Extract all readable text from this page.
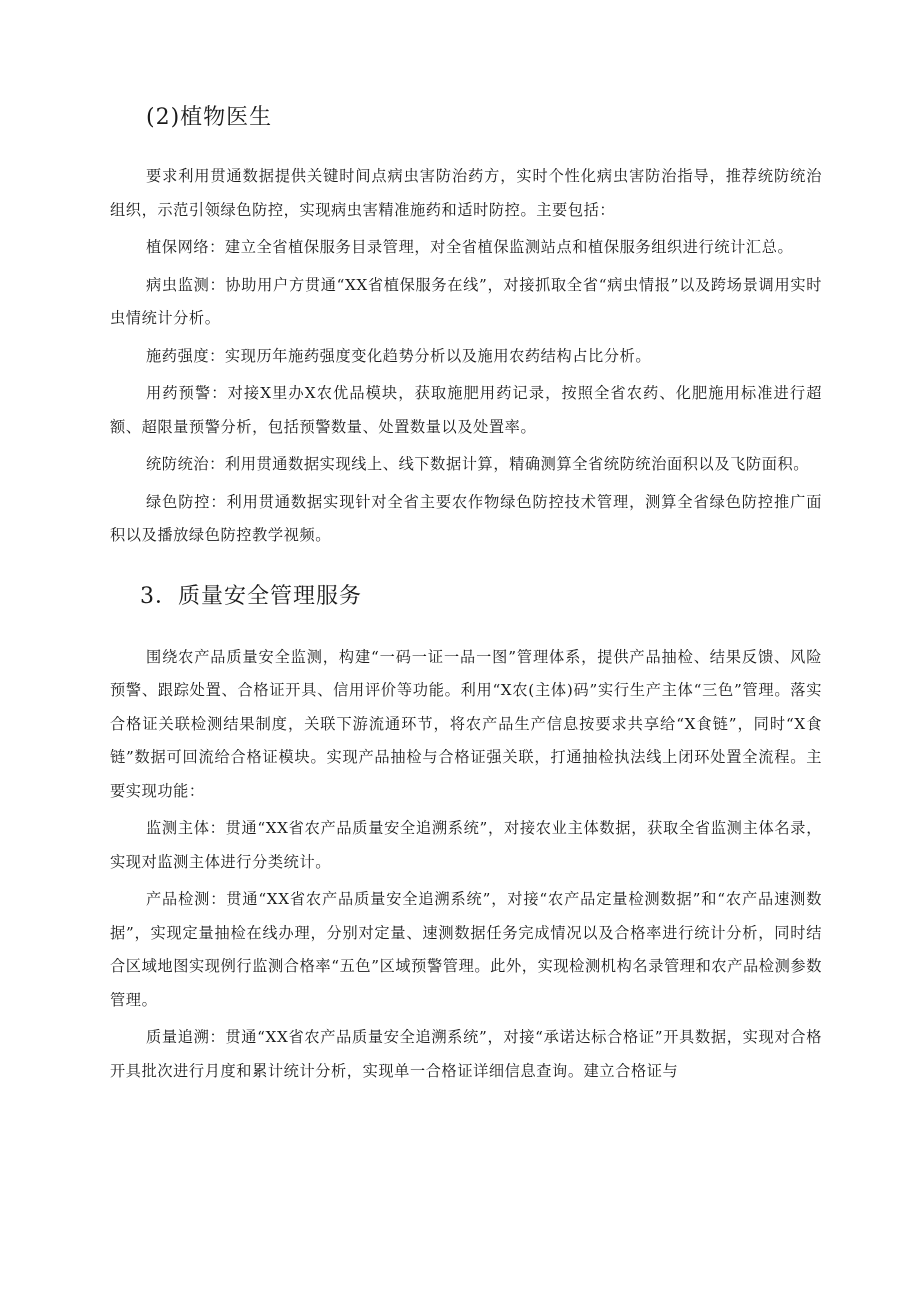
(2)植物医生

要求利用贯通数据提供关键时间点病虫害防治药方，实时个性化病虫害防治指导，推荐统防统治组织，示范引领绿色防控，实现病虫害精准施药和适时防控。主要包括：

植保网络：建立全省植保服务目录管理，对全省植保监测站点和植保服务组织进行统计汇总。

病虫监测：协助用户方贯通“XX省植保服务在线”，对接抓取全省“病虫情报”以及跨场景调用实时虫情统计分析。

施药强度：实现历年施药强度变化趋势分析以及施用农药结构占比分析。

用药预警：对接X里办X农优品模块，获取施肥用药记录，按照全省农药、化肥施用标准进行超额、超限量预警分析，包括预警数量、处置数量以及处置率。

统防统治：利用贯通数据实现线上、线下数据计算，精确测算全省统防统治面积以及飞防面积。

绿色防控：利用贯通数据实现针对全省主要农作物绿色防控技术管理，测算全省绿色防控推广面积以及播放绿色防控教学视频。

3．质量安全管理服务

围绕农产品质量安全监测，构建“一码一证一品一图”管理体系，提供产品抽检、结果反馈、风险预警、跟踪处置、合格证开具、信用评价等功能。利用“X农(主体)码”实行生产主体“三色”管理。落实合格证关联检测结果制度，关联下游流通环节，将农产品生产信息按要求共享给“X食链”，同时“X食链”数据可回流给合格证模块。实现产品抽检与合格证强关联，打通抽检执法线上闭环处置全流程。主要实现功能：

监测主体：贯通“XX省农产品质量安全追溯系统”，对接农业主体数据，获取全省监测主体名录，实现对监测主体进行分类统计。

产品检测：贯通“XX省农产品质量安全追溯系统”，对接“农产品定量检测数据”和“农产品速测数据”，实现定量抽检在线办理，分别对定量、速测数据任务完成情况以及合格率进行统计分析，同时结合区域地图实现例行监测合格率“五色”区域预警管理。此外，实现检测机构名录管理和农产品检测参数管理。

质量追溯：贯通“XX省农产品质量安全追溯系统”，对接“承诺达标合格证”开具数据，实现对合格开具批次进行月度和累计统计分析，实现单一合格证详细信息查询。建立合格证与
